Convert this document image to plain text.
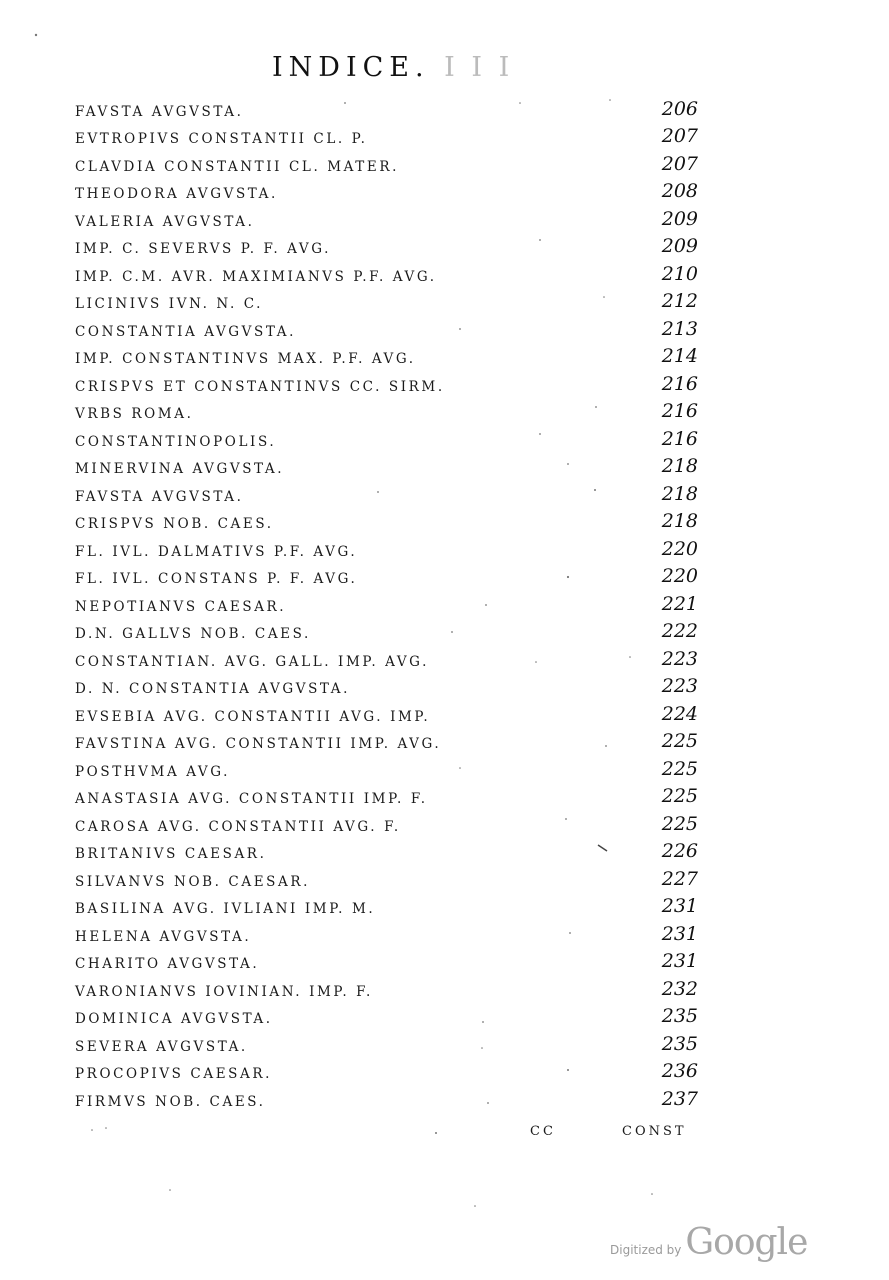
INDICE. I I I
FAVSTA AVGVSTA.	206
EVTROPIVS CONSTANTII CL. P.	207
CLAVDIA CONSTANTII CL. MATER.	207
THEODORA AVGVSTA.	208
VALERIA AVGVSTA.	209
IMP. C. SEVERVS P. F. AVG.	209
IMP. C.M. AVR. MAXIMIANVS P.F. AVG.	210
LICINIVS IVN. N. C.	212
CONSTANTIA AVGVSTA.	213
IMP. CONSTANTINVS MAX. P.F. AVG.	214
CRISPVS ET CONSTANTINVS CC. SIRM.	216
VRBS ROMA.	216
CONSTANTINOPOLIS.	216
MINERVINA AVGVSTA.	218
FAVSTA AVGVSTA.	218
CRISPVS NOB. CAES.	218
FL. IVL. DALMATIVS P.F. AVG.	220
FL. IVL. CONSTANS P. F. AVG.	220
NEPOTIANVS CAESAR.	221
D.N. GALLVS NOB. CAES.	222
CONSTANTIAN. AVG. GALL. IMP. AVG.	223
D. N. CONSTANTIA AVGVSTA.	223
EVSEBIA AVG. CONSTANTII AVG. IMP.	224
FAVSTINA AVG. CONSTANTII IMP. AVG.	225
POSTHVMA AVG.	225
ANASTASIA AVG. CONSTANTII IMP. F.	225
CAROSA AVG. CONSTANTII AVG. F.	225
BRITANIVS CAESAR.	226
SILVANVS NOB. CAESAR.	227
BASILINA AVG. IVLIANI IMP. M.	231
HELENA AVGVSTA.	231
CHARITO AVGVSTA.	231
VARONIANVS IOVINIAN. IMP. F.	232
DOMINICA AVGVSTA.	235
SEVERA AVGVSTA.	235
PROCOPIVS CAESAR.	236
FIRMVS NOB. CAES.	237
CC	CONST
Digitized by Google
